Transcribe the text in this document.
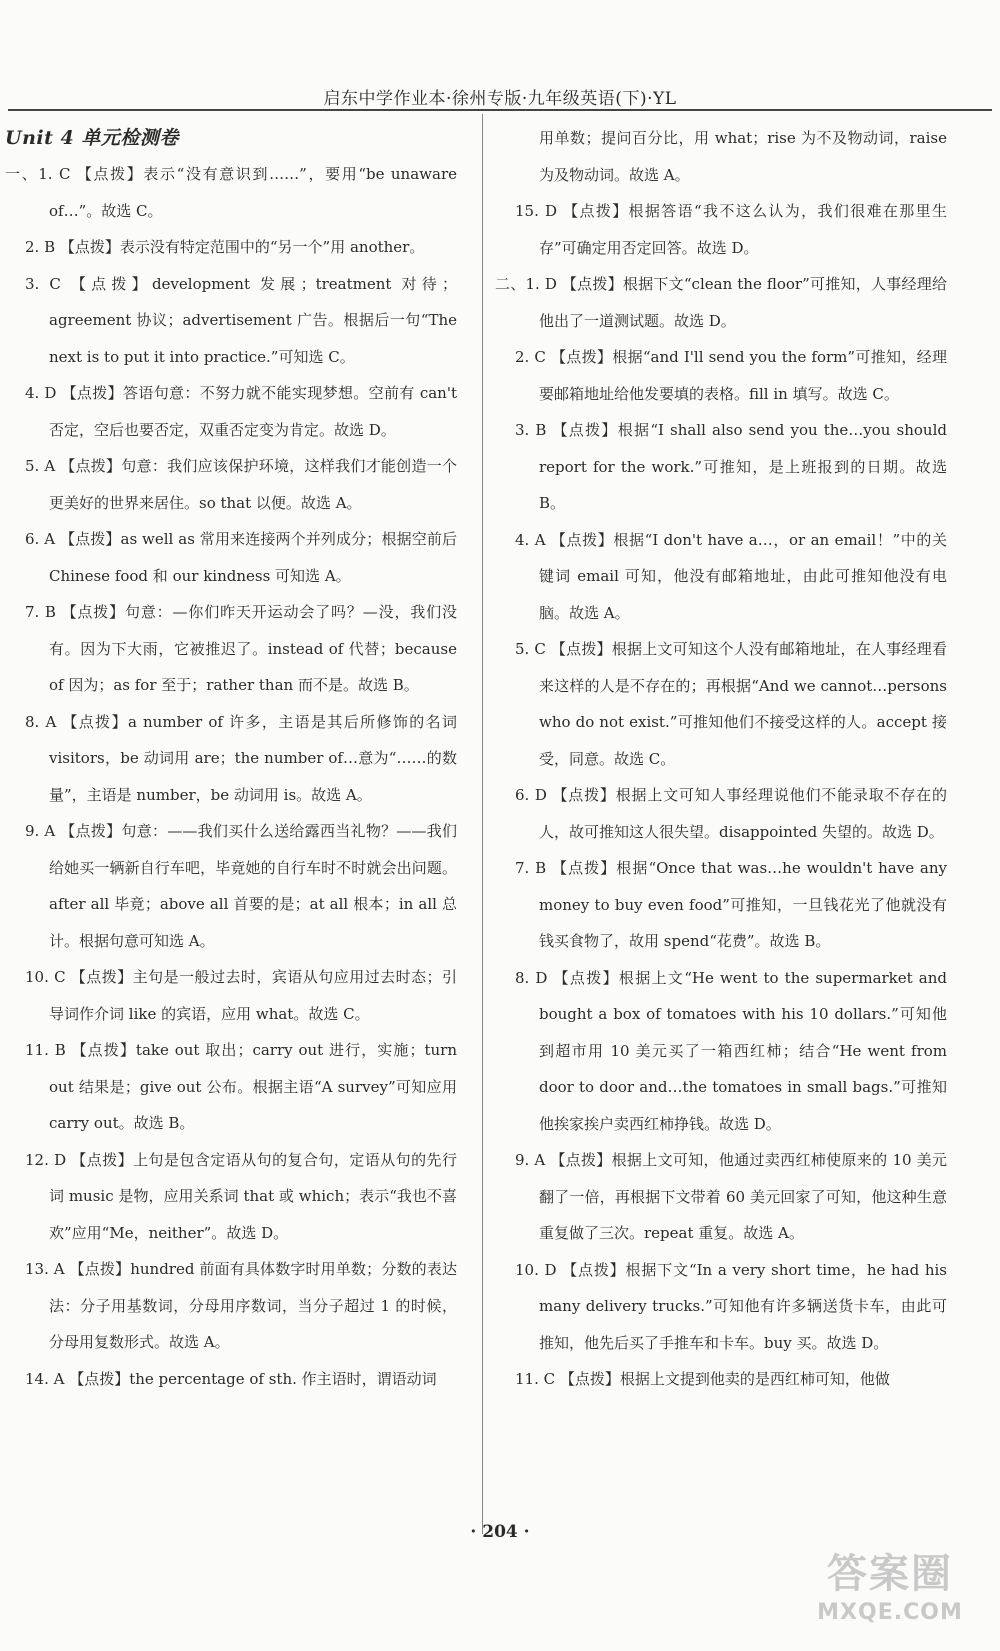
启东中学作业本·徐州专版·九年级英语(下)·YL
Unit 4 单元检测卷

一、1. C 【点拨】表示“没有意识到……”，要用“be unaware of…”。故选 C。

2. B 【点拨】表示没有特定范围中的“另一个”用 another。

3. C 【点拨】development 发展；treatment 对待；agreement 协议；advertisement 广告。根据后一句“The next is to put it into practice.”可知选 C。

4. D 【点拨】答语句意：不努力就不能实现梦想。空前有 can't 否定，空后也要否定，双重否定变为肯定。故选 D。

5. A 【点拨】句意：我们应该保护环境，这样我们才能创造一个更美好的世界来居住。so that 以便。故选 A。

6. A 【点拨】as well as 常用来连接两个并列成分；根据空前后 Chinese food 和 our kindness 可知选 A。

7. B 【点拨】句意：—你们昨天开运动会了吗？—没，我们没有。因为下大雨，它被推迟了。instead of 代替；because of 因为；as for 至于；rather than 而不是。故选 B。

8. A 【点拨】a number of 许多，主语是其后所修饰的名词 visitors，be 动词用 are；the number of…意为“……的数量”，主语是 number，be 动词用 is。故选 A。

9. A 【点拨】句意：——我们买什么送给露西当礼物？——我们给她买一辆新自行车吧，毕竟她的自行车时不时就会出问题。after all 毕竟；above all 首要的是；at all 根本；in all 总计。根据句意可知选 A。

10. C 【点拨】主句是一般过去时，宾语从句应用过去时态；引导词作介词 like 的宾语，应用 what。故选 C。

11. B 【点拨】take out 取出；carry out 进行，实施；turn out 结果是；give out 公布。根据主语“A survey”可知应用 carry out。故选 B。

12. D 【点拨】上句是包含定语从句的复合句，定语从句的先行词 music 是物，应用关系词 that 或 which；表示“我也不喜欢”应用“Me，neither”。故选 D。

13. A 【点拨】hundred 前面有具体数字时用单数；分数的表达法：分子用基数词，分母用序数词，当分子超过 1 的时候，分母用复数形式。故选 A。

14. A 【点拨】the percentage of sth. 作主语时，谓语动词

用单数；提问百分比，用 what；rise 为不及物动词，raise 为及物动词。故选 A。

15. D 【点拨】根据答语“我不这么认为，我们很难在那里生存”可确定用否定回答。故选 D。

二、1. D 【点拨】根据下文“clean the floor”可推知，人事经理给他出了一道测试题。故选 D。

2. C 【点拨】根据“and I'll send you the form”可推知，经理要邮箱地址给他发要填的表格。fill in 填写。故选 C。

3. B 【点拨】根据“I shall also send you the…you should report for the work.”可推知，是上班报到的日期。故选 B。

4. A 【点拨】根据“I don't have a…，or an email！”中的关键词 email 可知，他没有邮箱地址，由此可推知他没有电脑。故选 A。

5. C 【点拨】根据上文可知这个人没有邮箱地址，在人事经理看来这样的人是不存在的；再根据“And we cannot…persons who do not exist.”可推知他们不接受这样的人。accept 接受，同意。故选 C。

6. D 【点拨】根据上文可知人事经理说他们不能录取不存在的人，故可推知这人很失望。disappointed 失望的。故选 D。

7. B 【点拨】根据“Once that was…he wouldn't have any money to buy even food”可推知，一旦钱花光了他就没有钱买食物了，故用 spend“花费”。故选 B。

8. D 【点拨】根据上文“He went to the supermarket and bought a box of tomatoes with his 10 dollars.”可知他到超市用 10 美元买了一箱西红柿；结合“He went from door to door and…the tomatoes in small bags.”可推知他挨家挨户卖西红柿挣钱。故选 D。

9. A 【点拨】根据上文可知，他通过卖西红柿使原来的 10 美元翻了一倍，再根据下文带着 60 美元回家了可知，他这种生意重复做了三次。repeat 重复。故选 A。

10. D 【点拨】根据下文“In a very short time，he had his many delivery trucks.”可知他有许多辆送货卡车，由此可推知，他先后买了手推车和卡车。buy 买。故选 D。

11. C 【点拨】根据上文提到他卖的是西红柿可知，他做

· 204 ·
答案圈
MXQE.COM
